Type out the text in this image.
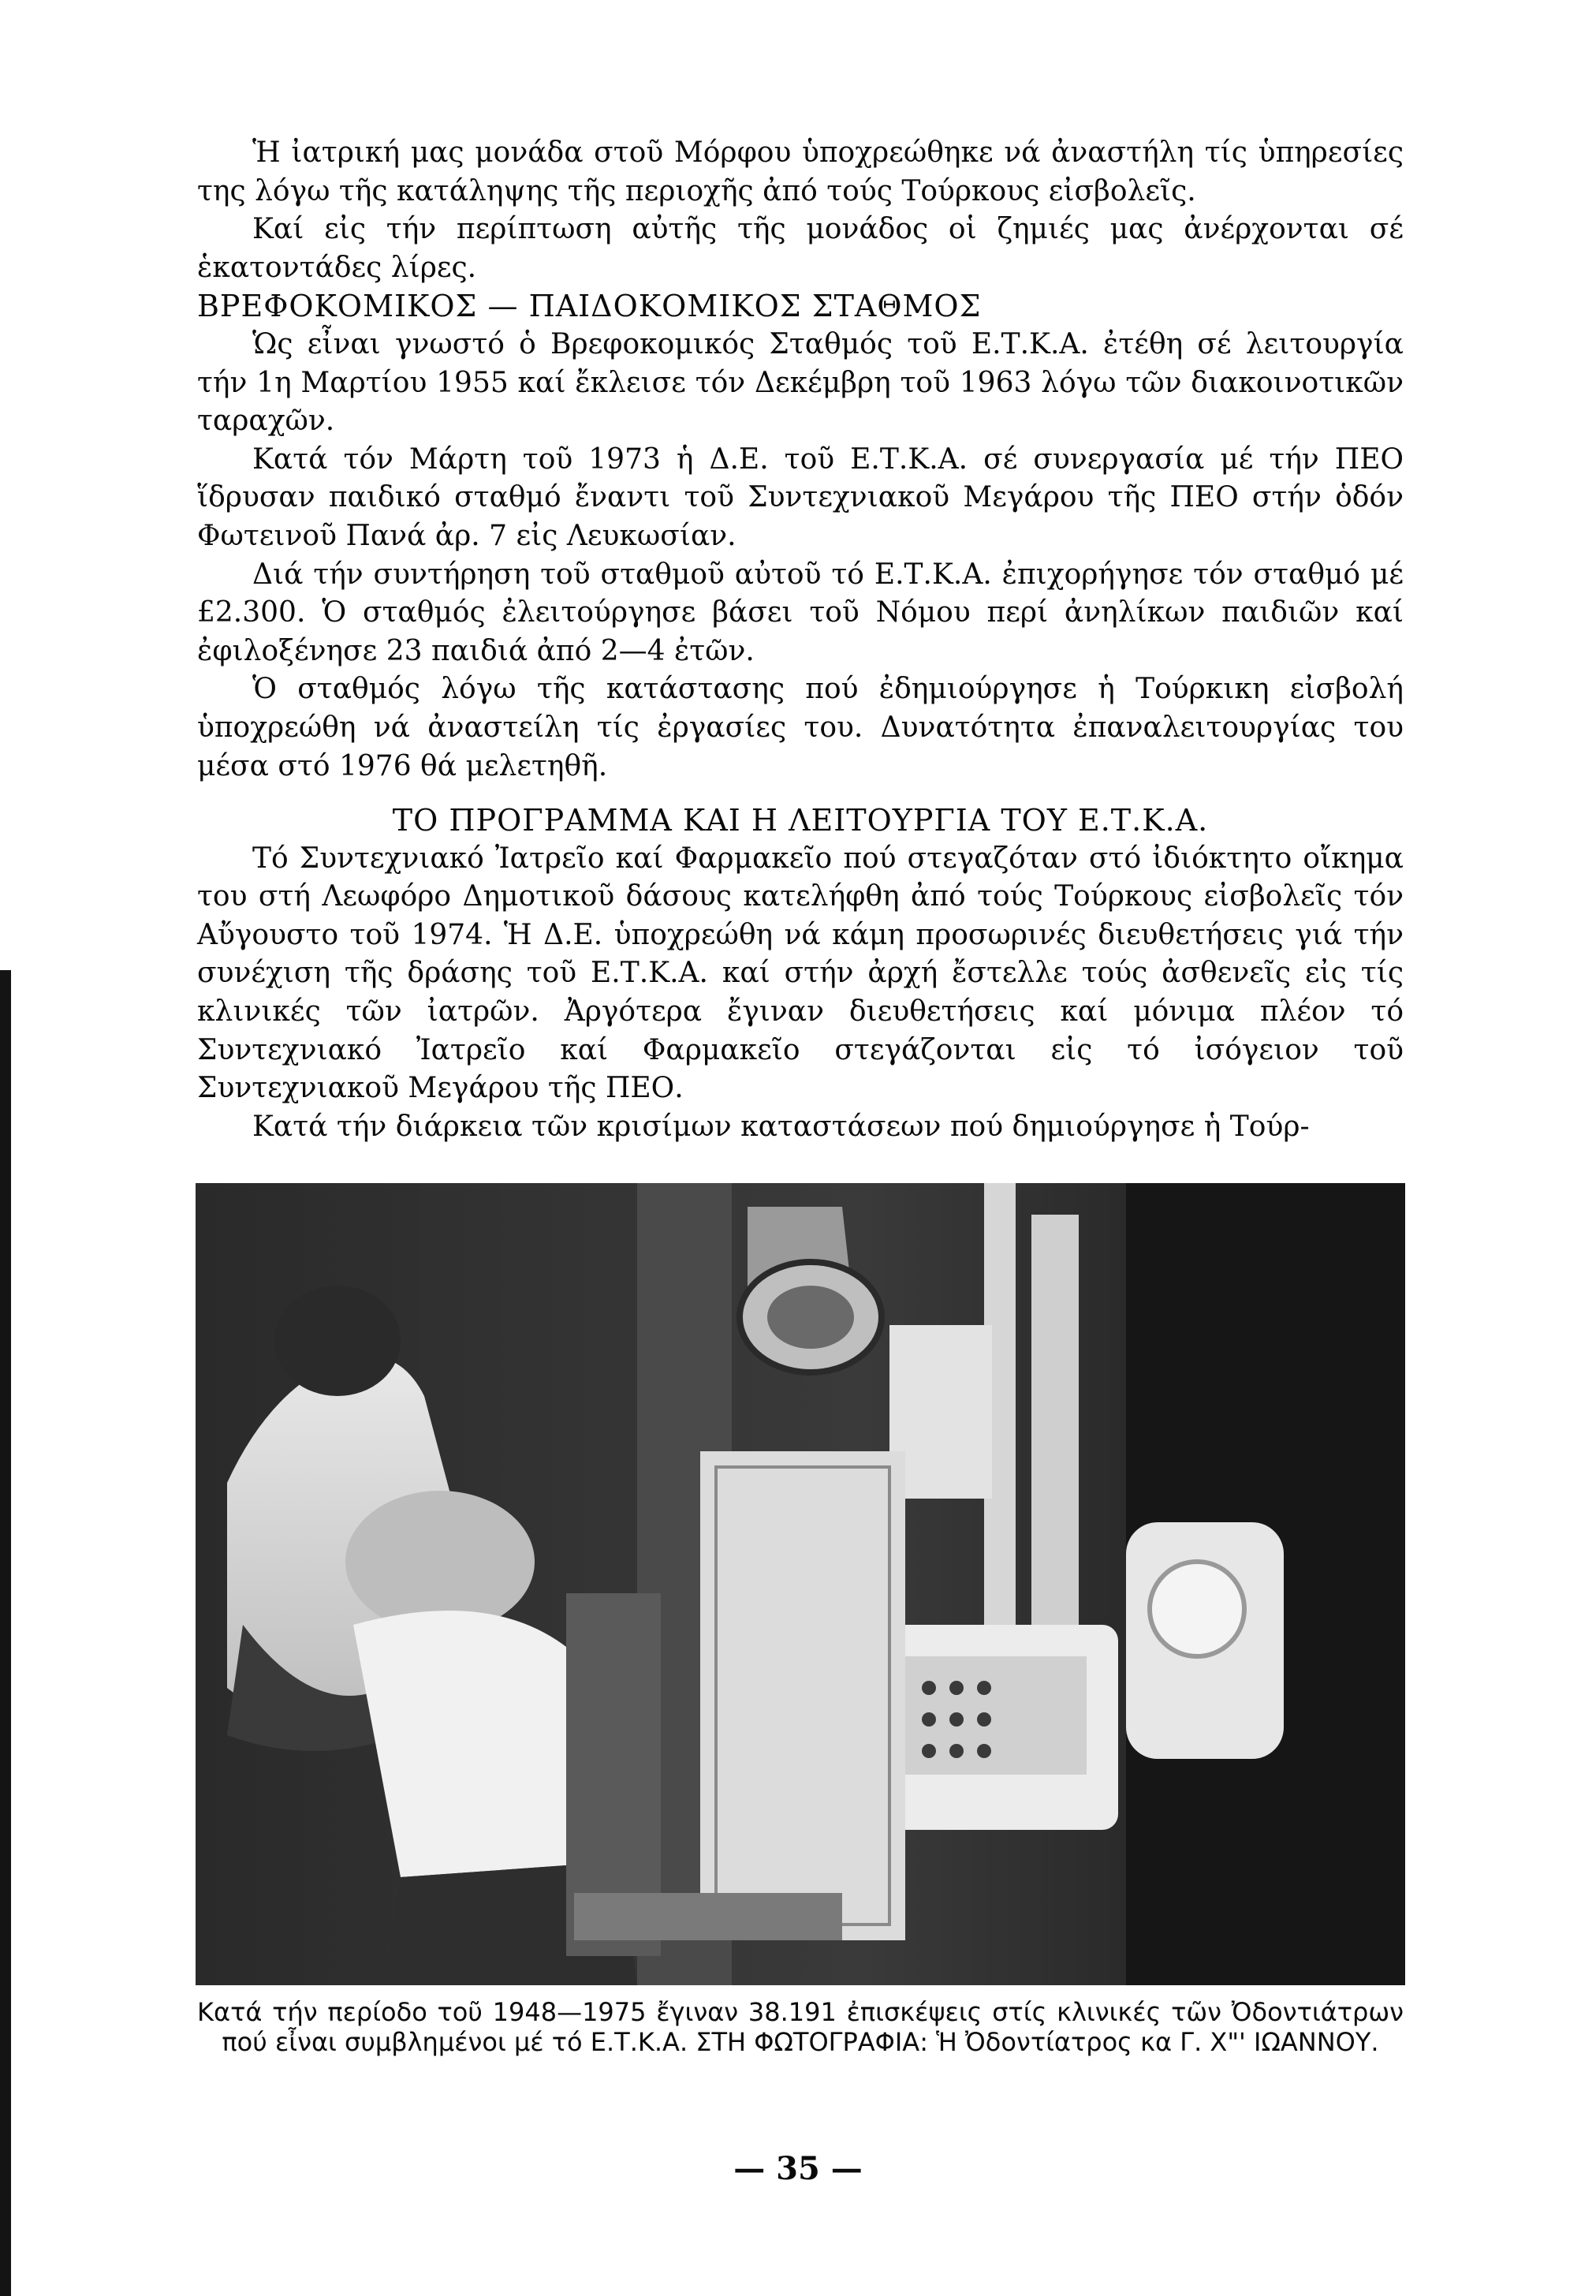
Ἡ ἰατρική μας μονάδα στοῦ Μόρφου ὑποχρεώθηκε νά ἀναστήλη τίς ὑπηρεσίες της λόγω τῆς κατάληψης τῆς περιοχῆς ἀπό τούς Τούρκους εἰσβολεῖς.

Καί εἰς τήν περίπτωση αὐτῆς τῆς μονάδος οἱ ζημιές μας ἀνέρχονται σέ ἑκατοντάδες λίρες.

ΒΡΕΦΟΚΟΜΙΚΟΣ — ΠΑΙΔΟΚΟΜΙΚΟΣ ΣΤΑΘΜΟΣ

Ὡς εἶναι γνωστό ὁ Βρεφοκομικός Σταθμός τοῦ Ε.Τ.Κ.Α. ἐτέθη σέ λειτουργία τήν 1η Μαρτίου 1955 καί ἔκλεισε τόν Δεκέμβρη τοῦ 1963 λόγω τῶν διακοινοτικῶν ταραχῶν.

Κατά τόν Μάρτη τοῦ 1973 ἡ Δ.Ε. τοῦ Ε.Τ.Κ.Α. σέ συνεργασία μέ τήν ΠΕΟ ἵδρυσαν παιδικό σταθμό ἔναντι τοῦ Συντεχνιακοῦ Μεγάρου τῆς ΠΕΟ στήν ὁδόν Φωτεινοῦ Πανά ἀρ. 7 εἰς Λευκωσίαν.

Διά τήν συντήρηση τοῦ σταθμοῦ αὐτοῦ τό Ε.Τ.Κ.Α. ἐπιχορήγησε τόν σταθμό μέ £2.300. Ὁ σταθμός ἐλειτούργησε βάσει τοῦ Νόμου περί ἀνηλίκων παιδιῶν καί ἐφιλοξένησε 23 παιδιά ἀπό 2—4 ἐτῶν.

Ὁ σταθμός λόγω τῆς κατάστασης πού ἐδημιούργησε ἡ Τούρκικη εἰσβολή ὑποχρεώθη νά ἀναστείλη τίς ἐργασίες του. Δυνατότητα ἐπαναλειτουργίας του μέσα στό 1976 θά μελετηθῆ.

ΤΟ ΠΡΟΓΡΑΜΜΑ ΚΑΙ Η ΛΕΙΤΟΥΡΓΙΑ ΤΟΥ Ε.Τ.Κ.Α.

Τό Συντεχνιακό Ἰατρεῖο καί Φαρμακεῖο πού στεγαζόταν στό ἰδιόκτητο οἴκημα του στή Λεωφόρο Δημοτικοῦ δάσους κατελήφθη ἀπό τούς Τούρκους εἰσβολεῖς τόν Αὔγουστο τοῦ 1974. Ἡ Δ.Ε. ὑποχρεώθη νά κάμη προσωρινές διευθετήσεις γιά τήν συνέχιση τῆς δράσης τοῦ Ε.Τ.Κ.Α. καί στήν ἀρχή ἔστελλε τούς ἀσθενεῖς εἰς τίς κλινικές τῶν ἰατρῶν. Ἀργότερα ἔγιναν διευθετήσεις καί μόνιμα πλέον τό Συντεχνιακό Ἰατρεῖο καί Φαρμακεῖο στεγάζονται εἰς τό ἰσόγειον τοῦ Συντεχνιακοῦ Μεγάρου τῆς ΠΕΟ.

Κατά τήν διάρκεια τῶν κρισίμων καταστάσεων πού δημιούργησε ἡ Τούρ-

Κατά τήν περίοδο τοῦ 1948—1975 ἔγιναν 38.191 ἐπισκέψεις στίς κλινικές τῶν Ὀδοντιάτρων πού εἶναι συμβλημένοι μέ τό Ε.Τ.Κ.Α. ΣΤΗ ΦΩΤΟΓΡΑΦΙΑ: Ἡ Ὀδοντίατρος κα Γ. Χ"' ΙΩΑΝΝΟΥ.
— 35 —
